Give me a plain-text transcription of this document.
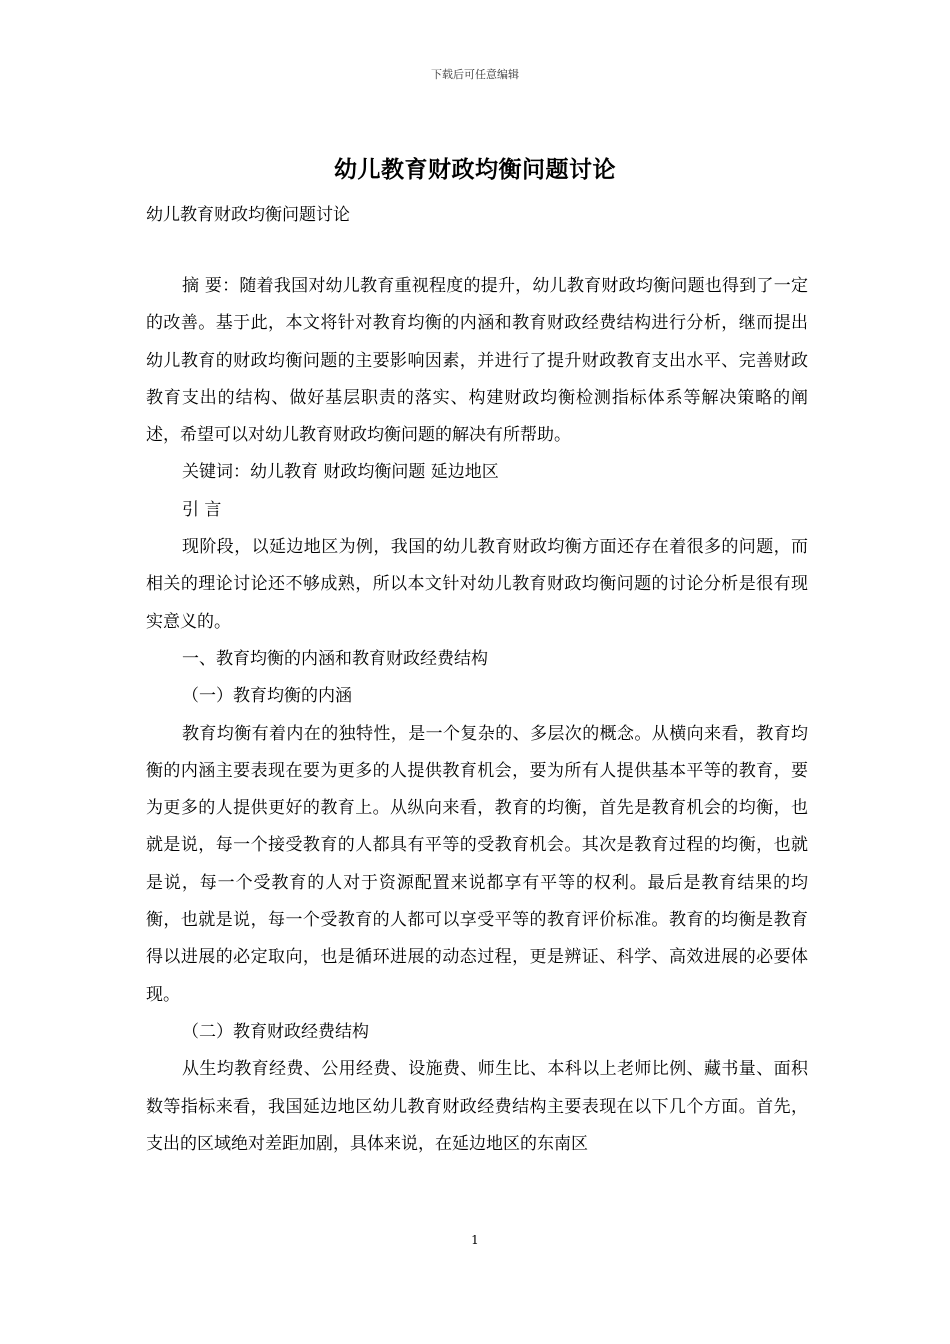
下载后可任意编辑
幼儿教育财政均衡问题讨论
幼儿教育财政均衡问题讨论

摘 要：随着我国对幼儿教育重视程度的提升，幼儿教育财政均衡问题也得到了一定的改善。基于此，本文将针对教育均衡的内涵和教育财政经费结构进行分析，继而提出幼儿教育的财政均衡问题的主要影响因素，并进行了提升财政教育支出水平、完善财政教育支出的结构、做好基层职责的落实、构建财政均衡检测指标体系等解决策略的阐述，希望可以对幼儿教育财政均衡问题的解决有所帮助。

关键词：幼儿教育 财政均衡问题 延边地区

引 言

现阶段，以延边地区为例，我国的幼儿教育财政均衡方面还存在着很多的问题，而相关的理论讨论还不够成熟，所以本文针对幼儿教育财政均衡问题的讨论分析是很有现实意义的。

一、教育均衡的内涵和教育财政经费结构

（一）教育均衡的内涵

教育均衡有着内在的独特性，是一个复杂的、多层次的概念。从横向来看，教育均衡的内涵主要表现在要为更多的人提供教育机会，要为所有人提供基本平等的教育，要为更多的人提供更好的教育上。从纵向来看，教育的均衡，首先是教育机会的均衡，也就是说，每一个接受教育的人都具有平等的受教育机会。其次是教育过程的均衡，也就是说，每一个受教育的人对于资源配置来说都享有平等的权利。最后是教育结果的均衡，也就是说，每一个受教育的人都可以享受平等的教育评价标准。教育的均衡是教育得以进展的必定取向，也是循环进展的动态过程，更是辨证、科学、高效进展的必要体现。

（二）教育财政经费结构

从生均教育经费、公用经费、设施费、师生比、本科以上老师比例、藏书量、面积数等指标来看，我国延边地区幼儿教育财政经费结构主要表现在以下几个方面。首先，支出的区域绝对差距加剧，具体来说，在延边地区的东南区

1
